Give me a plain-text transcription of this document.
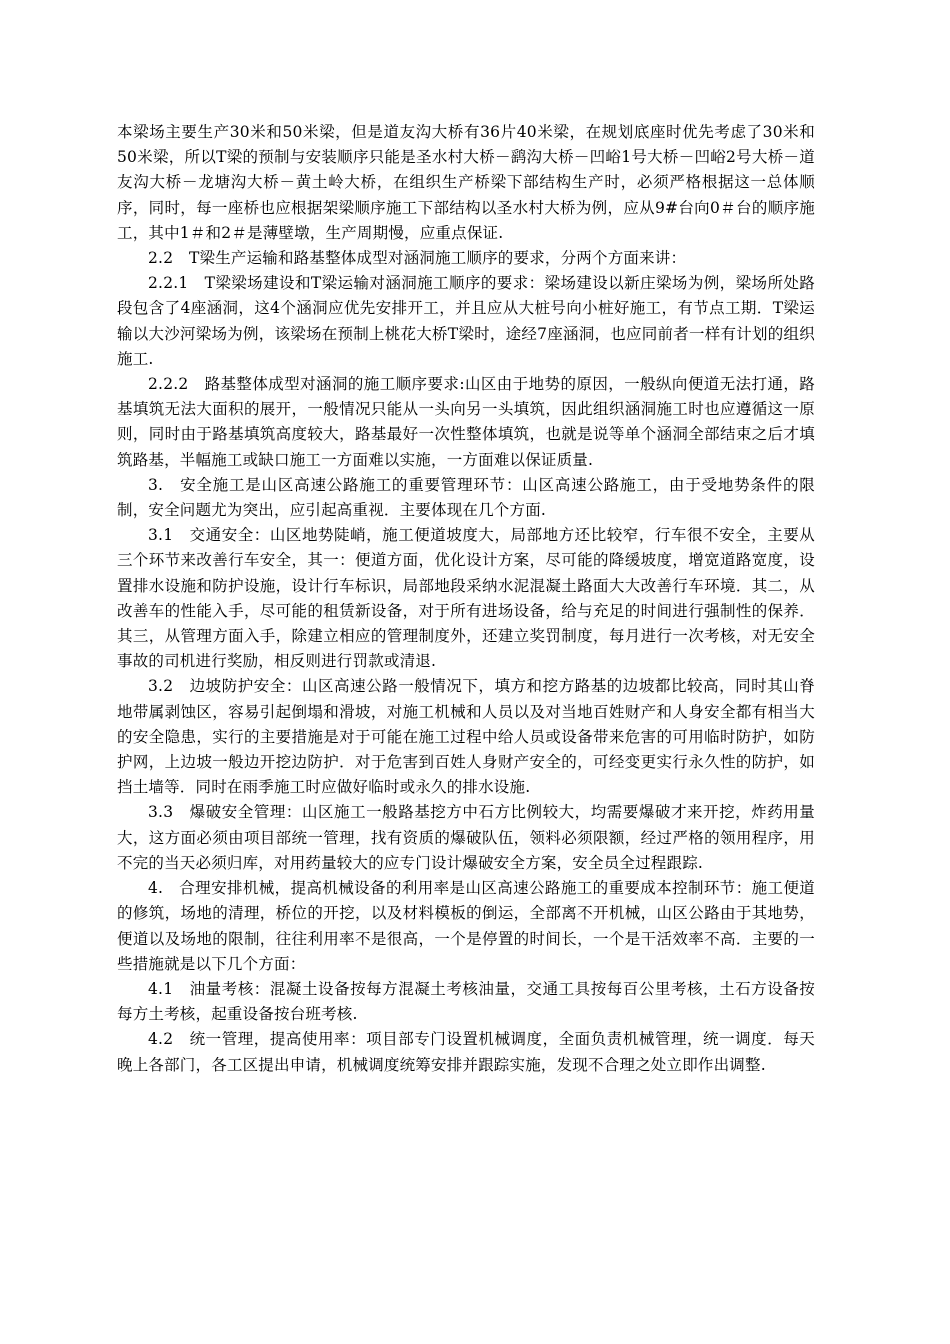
本梁场主要生产30米和50米梁，但是道友沟大桥有36片40米梁，在规划底座时优先考虑了30米和50米梁，所以T梁的预制与安装顺序只能是圣水村大桥－鹞沟大桥－凹峪1号大桥－凹峪2号大桥－道友沟大桥－龙塘沟大桥－黄土岭大桥，在组织生产桥梁下部结构生产时，必须严格根据这一总体顺序，同时，每一座桥也应根据架梁顺序施工下部结构以圣水村大桥为例，应从9#台向0＃台的顺序施工，其中1＃和2＃是薄壁墩，生产周期慢，应重点保证.

2.2　T梁生产运输和路基整体成型对涵洞施工顺序的要求，分两个方面来讲：

2.2.1　T梁梁场建设和T梁运输对涵洞施工顺序的要求：梁场建设以新庄梁场为例，梁场所处路段包含了4座涵洞，这4个涵洞应优先安排开工，并且应从大桩号向小桩好施工，有节点工期．T梁运输以大沙河梁场为例，该梁场在预制上桃花大桥T梁时，途经7座涵洞，也应同前者一样有计划的组织施工.

2.2.2　路基整体成型对涵洞的施工顺序要求:山区由于地势的原因，一般纵向便道无法打通，路基填筑无法大面积的展开，一般情况只能从一头向另一头填筑，因此组织涵洞施工时也应遵循这一原则，同时由于路基填筑高度较大，路基最好一次性整体填筑，也就是说等单个涵洞全部结束之后才填筑路基，半幅施工或缺口施工一方面难以实施，一方面难以保证质量.

3.　安全施工是山区高速公路施工的重要管理环节：山区高速公路施工，由于受地势条件的限制，安全问题尤为突出，应引起高重视．主要体现在几个方面.

3.1　交通安全：山区地势陡峭，施工便道坡度大，局部地方还比较窄，行车很不安全，主要从三个环节来改善行车安全，其一：便道方面，优化设计方案，尽可能的降缓坡度，增宽道路宽度，设置排水设施和防护设施，设计行车标识，局部地段采纳水泥混凝土路面大大改善行车环境．其二，从改善车的性能入手，尽可能的租赁新设备，对于所有进场设备，给与充足的时间进行强制性的保养．其三，从管理方面入手，除建立相应的管理制度外，还建立奖罚制度，每月进行一次考核，对无安全事故的司机进行奖励，相反则进行罚款或清退.

3.2　边坡防护安全：山区高速公路一般情况下，填方和挖方路基的边坡都比较高，同时其山脊地带属剥蚀区，容易引起倒塌和滑坡，对施工机械和人员以及对当地百姓财产和人身安全都有相当大的安全隐患，实行的主要措施是对于可能在施工过程中给人员或设备带来危害的可用临时防护，如防护网，上边坡一般边开挖边防护．对于危害到百姓人身财产安全的，可经变更实行永久性的防护，如挡土墙等．同时在雨季施工时应做好临时或永久的排水设施.

3.3　爆破安全管理：山区施工一般路基挖方中石方比例较大，均需要爆破才来开挖，炸药用量大，这方面必须由项目部统一管理，找有资质的爆破队伍，领料必须限额，经过严格的领用程序，用不完的当天必须归库，对用药量较大的应专门设计爆破安全方案，安全员全过程跟踪.

4.　合理安排机械，提高机械设备的利用率是山区高速公路施工的重要成本控制环节：施工便道的修筑，场地的清理，桥位的开挖，以及材料模板的倒运，全部离不开机械，山区公路由于其地势，便道以及场地的限制，往往利用率不是很高，一个是停置的时间长，一个是干活效率不高．主要的一些措施就是以下几个方面：

4.1　油量考核：混凝土设备按每方混凝土考核油量，交通工具按每百公里考核，土石方设备按每方土考核，起重设备按台班考核.

4.2　统一管理，提高使用率：项目部专门设置机械调度，全面负责机械管理，统一调度．每天晚上各部门，各工区提出申请，机械调度统筹安排并跟踪实施，发现不合理之处立即作出调整.
